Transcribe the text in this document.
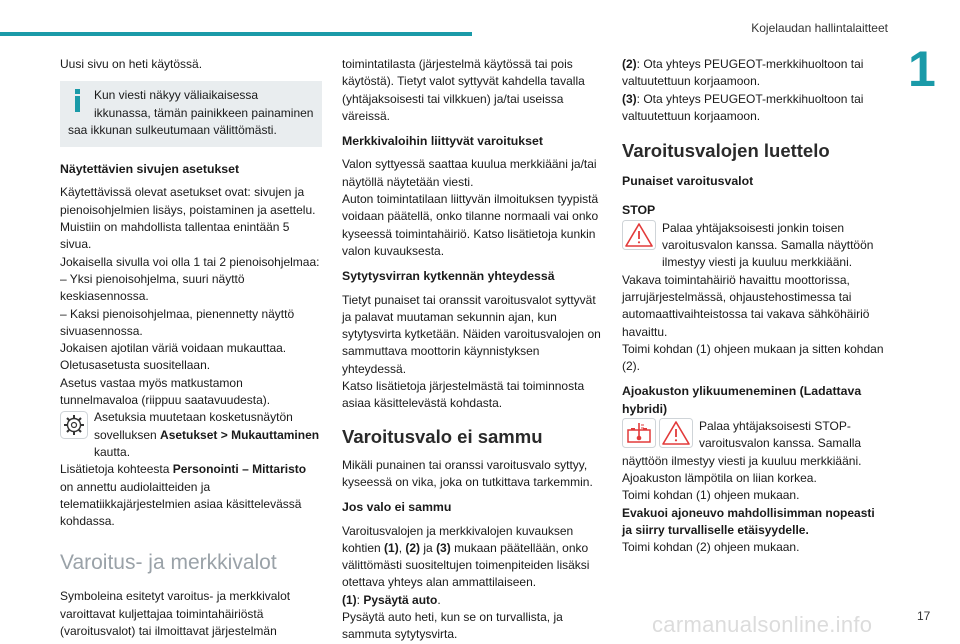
Kojelaudan hallintalaitteet
1

Uusi sivu on heti käytössä.

Kun viesti näkyy väliaikaisessa ikkunassa, tämän painikkeen painaminen saa ikkunan sulkeutumaan välittömästi.

Näytettävien sivujen asetukset

Käytettävissä olevat asetukset ovat: sivujen ja pienoisohjelmien lisäys, poistaminen ja asettelu.

Muistiin on mahdollista tallentaa enintään 5 sivua.

Jokaisella sivulla voi olla 1 tai 2 pienoisohjelmaa:

– Yksi pienoisohjelma, suuri näyttö keskiasennossa.

– Kaksi pienoisohjelmaa, pienennetty näyttö sivuasennossa.

Jokaisen ajotilan väriä voidaan mukauttaa.

Oletusasetusta suositellaan.

Asetus vastaa myös matkustamon tunnelmavaloa (riippuu saatavuudesta).

Asetuksia muutetaan kosketusnäytön sovelluksen Asetukset > Mukauttaminen kautta.

Lisätietoja kohteesta Personointi – Mittaristo on annettu audiolaitteiden ja telematiikkajärjestelmien asiaa käsittelevässä kohdassa.

Varoitus- ja merkkivalot

Symboleina esitetyt varoitus- ja merkkivalot varoittavat kuljettajaa toimintahäiriöstä (varoitusvalot) tai ilmoittavat järjestelmän

toimintatilasta (järjestelmä käytössä tai pois käytöstä). Tietyt valot syttyvät kahdella tavalla (yhtäjaksoisesti tai vilkkuen) ja/tai useissa väreissä.

Merkkivaloihin liittyvät varoitukset

Valon syttyessä saattaa kuulua merkkiääni ja/tai näytöllä näytetään viesti.

Auton toimintatilaan liittyvän ilmoituksen tyypistä voidaan päätellä, onko tilanne normaali vai onko kyseessä toimintahäiriö. Katso lisätietoja kunkin valon kuvauksesta.

Sytytysvirran kytkennän yhteydessä

Tietyt punaiset tai oranssit varoitusvalot syttyvät ja palavat muutaman sekunnin ajan, kun sytytysvirta kytketään. Näiden varoitusvalojen on sammuttava moottorin käynnistyksen yhteydessä.

Katso lisätietoja järjestelmästä tai toiminnosta asiaa käsittelevästä kohdasta.

Varoitusvalo ei sammu

Mikäli punainen tai oranssi varoitusvalo syttyy, kyseessä on vika, joka on tutkittava tarkemmin.

Jos valo ei sammu

Varoitusvalojen ja merkkivalojen kuvauksen kohtien (1), (2) ja (3) mukaan päätellään, onko välittömästi suositeltujen toimenpiteiden lisäksi otettava yhteys alan ammattilaiseen.

(1): Pysäytä auto.

Pysäytä auto heti, kun se on turvallista, ja sammuta sytytysvirta.

(2): Ota yhteys PEUGEOT-merkkihuoltoon tai valtuutettuun korjaamoon.

(3): Ota yhteys PEUGEOT-merkkihuoltoon tai valtuutettuun korjaamoon.

Varoitusvalojen luettelo

Punaiset varoitusvalot

STOP

Palaa yhtäjaksoisesti jonkin toisen varoitusvalon kanssa. Samalla näyttöön ilmestyy viesti ja kuuluu merkkiääni.

Vakava toimintahäiriö havaittu moottorissa, jarrujärjestelmässä, ohjaustehostimessa tai automaattivaihteistossa tai vakava sähköhäiriö havaittu.

Toimi kohdan (1) ohjeen mukaan ja sitten kohdan (2).

Ajoakuston ylikuumeneminen (Ladattava hybridi)

Palaa yhtäjaksoisesti STOP-varoitusvalon kanssa. Samalla näyttöön ilmestyy viesti ja kuuluu merkkiääni.

Ajoakuston lämpötila on liian korkea.

Toimi kohdan (1) ohjeen mukaan.

Evakuoi ajoneuvo mahdollisimman nopeasti ja siirry turvalliselle etäisyydelle.

Toimi kohdan (2) ohjeen mukaan.

carmanualsonline.info	17
